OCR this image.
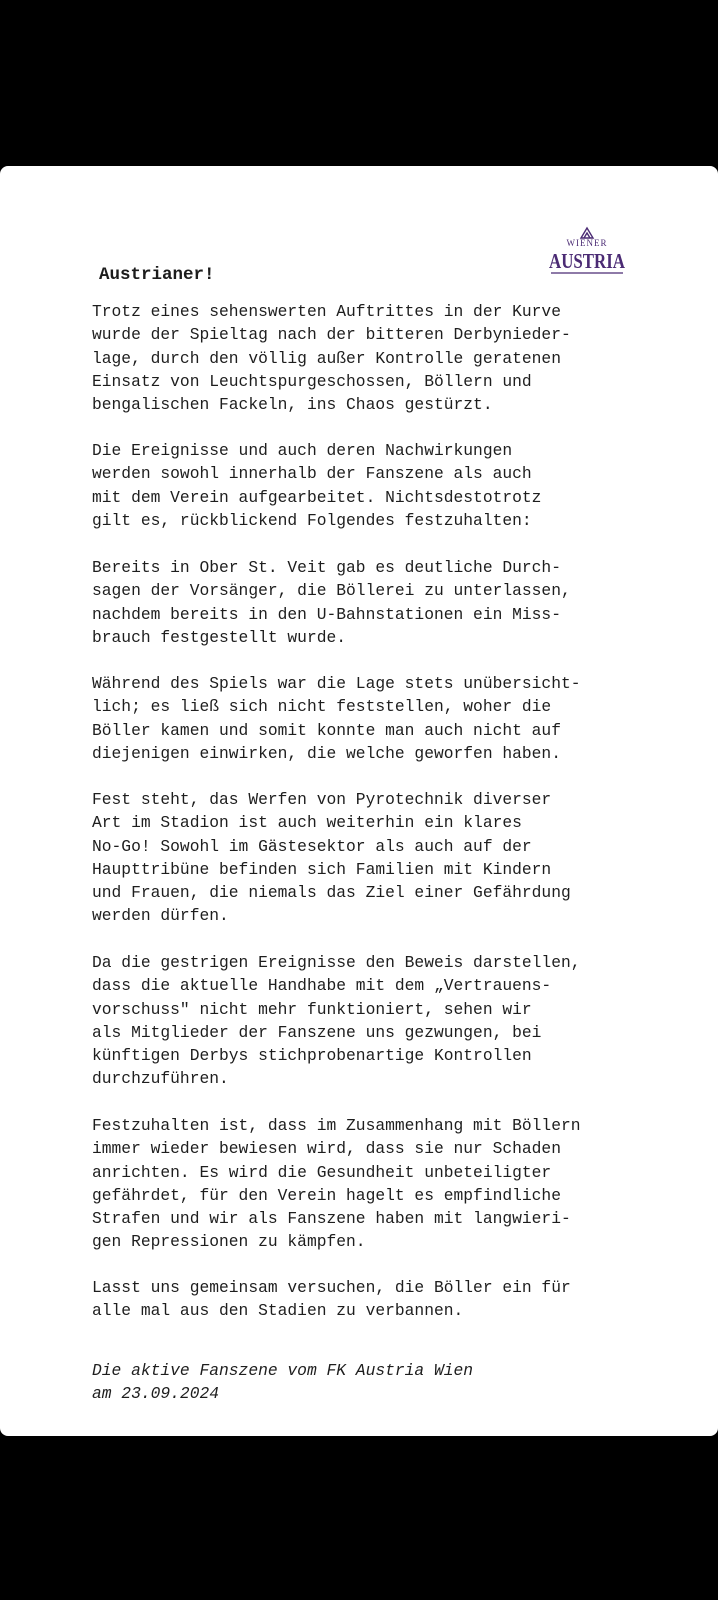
WIENER
AUSTRIA
Austrianer!

Trotz eines sehenswerten Auftrittes in der Kurve
wurde der Spieltag nach der bitteren Derbynieder-
lage, durch den völlig außer Kontrolle geratenen
Einsatz von Leuchtspurgeschossen, Böllern und
bengalischen Fackeln, ins Chaos gestürzt.

Die Ereignisse und auch deren Nachwirkungen
werden sowohl innerhalb der Fanszene als auch
mit dem Verein aufgearbeitet. Nichtsdestotrotz
gilt es, rückblickend Folgendes festzuhalten:

Bereits in Ober St. Veit gab es deutliche Durch-
sagen der Vorsänger, die Böllerei zu unterlassen,
nachdem bereits in den U-Bahnstationen ein Miss-
brauch festgestellt wurde.

Während des Spiels war die Lage stets unübersicht-
lich; es ließ sich nicht feststellen, woher die
Böller kamen und somit konnte man auch nicht auf
diejenigen einwirken, die welche geworfen haben.

Fest steht, das Werfen von Pyrotechnik diverser
Art im Stadion ist auch weiterhin ein klares
No-Go! Sowohl im Gästesektor als auch auf der
Haupttribüne befinden sich Familien mit Kindern
und Frauen, die niemals das Ziel einer Gefährdung
werden dürfen.

Da die gestrigen Ereignisse den Beweis darstellen,
dass die aktuelle Handhabe mit dem „Vertrauens-
vorschuss" nicht mehr funktioniert, sehen wir
als Mitglieder der Fanszene uns gezwungen, bei
künftigen Derbys stichprobenartige Kontrollen
durchzuführen.

Festzuhalten ist, dass im Zusammenhang mit Böllern
immer wieder bewiesen wird, dass sie nur Schaden
anrichten. Es wird die Gesundheit unbeteiligter
gefährdet, für den Verein hagelt es empfindliche
Strafen und wir als Fanszene haben mit langwieri-
gen Repressionen zu kämpfen.

Lasst uns gemeinsam versuchen, die Böller ein für
alle mal aus den Stadien zu verbannen.

Die aktive Fanszene vom FK Austria Wien
am 23.09.2024
